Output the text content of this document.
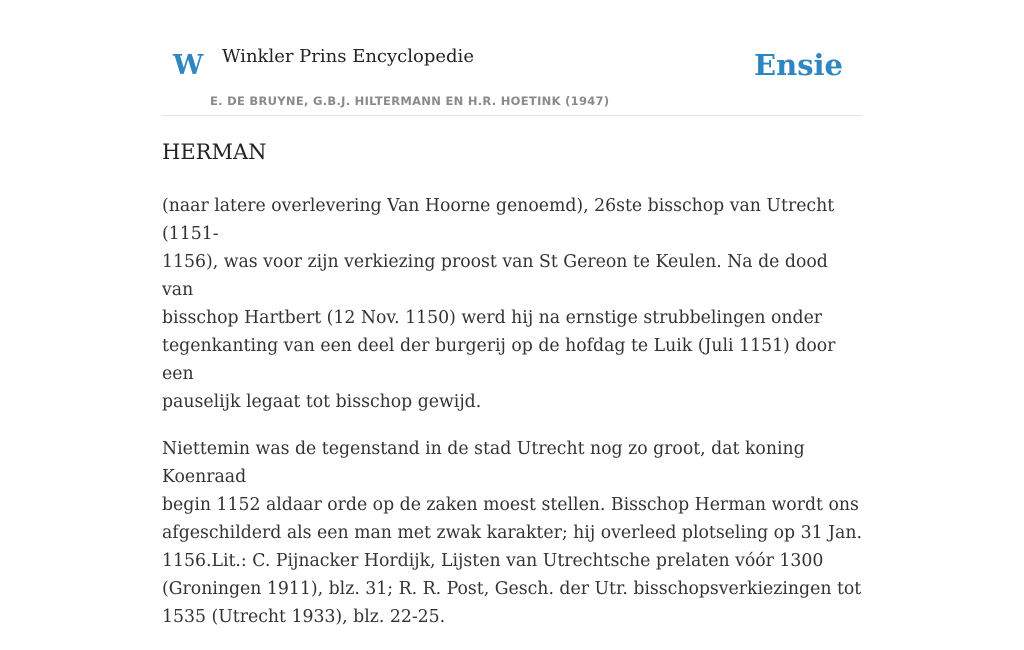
W Winkler Prins Encyclopedie
E. DE BRUYNE, G.B.J. HILTERMANN EN H.R. HOETINK (1947)
Ensie
HERMAN

(naar latere overlevering Van Hoorne genoemd), 26ste bisschop van Utrecht (1151-
1156), was voor zijn verkiezing proost van St Gereon te Keulen. Na de dood van
bisschop Hartbert (12 Nov. 1150) werd hij na ernstige strubbelingen onder
tegenkanting van een deel der burgerij op de hofdag te Luik (Juli 1151) door een
pauselijk legaat tot bisschop gewijd.

Niettemin was de tegenstand in de stad Utrecht nog zo groot, dat koning Koenraad
begin 1152 aldaar orde op de zaken moest stellen. Bisschop Herman wordt ons
afgeschilderd als een man met zwak karakter; hij overleed plotseling op 31 Jan.
1156.Lit.: C. Pijnacker Hordijk, Lijsten van Utrechtsche prelaten vóór 1300
(Groningen 1911), blz. 31; R. R. Post, Gesch. der Utr. bisschopsverkiezingen tot
1535 (Utrecht 1933), blz. 22-25.
